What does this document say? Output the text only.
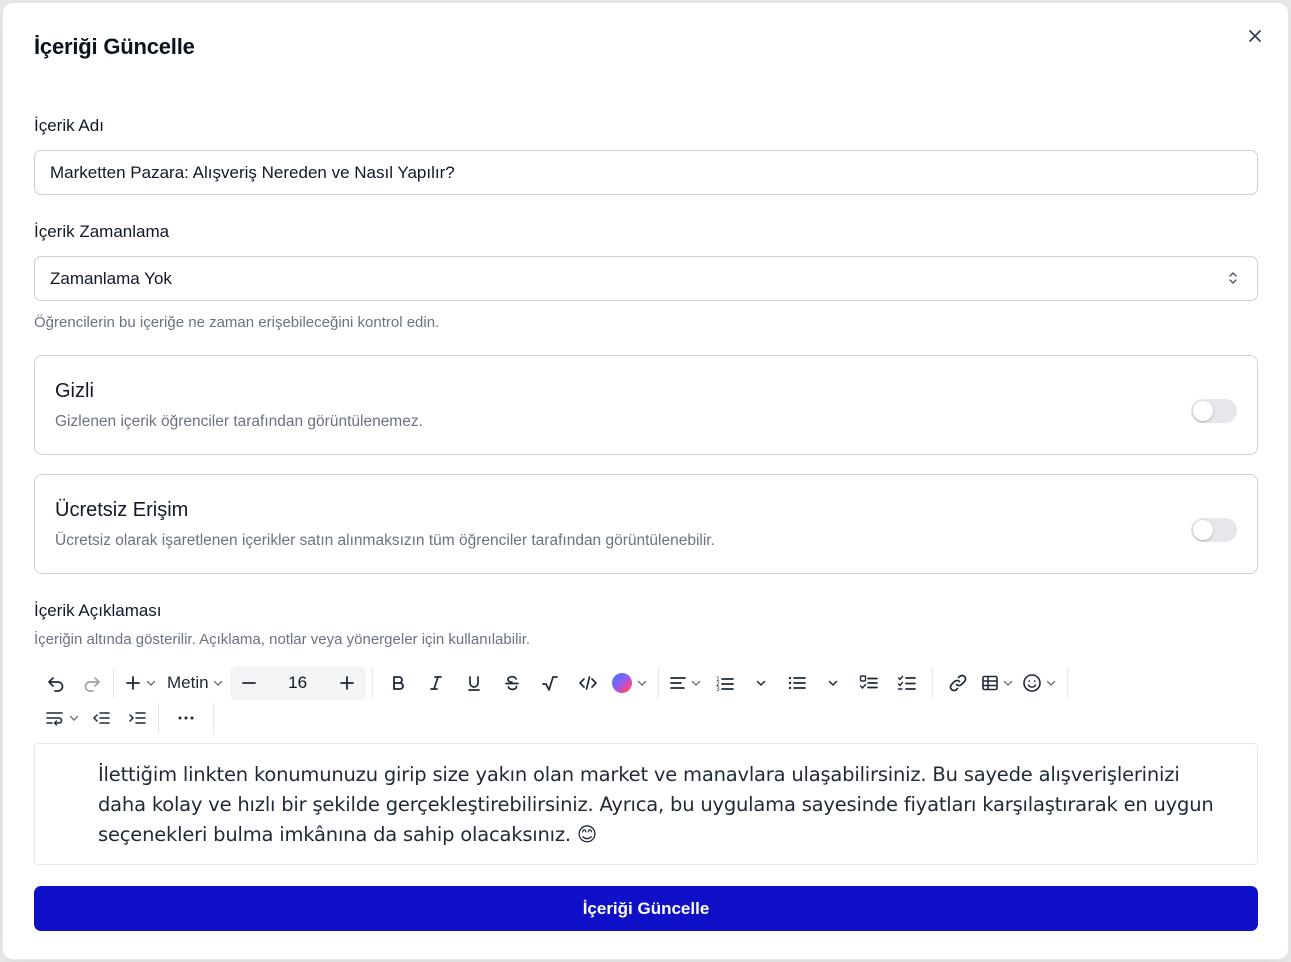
İçeriği Güncelle
İçerik Adı
Marketten Pazara: Alışveriş Nereden ve Nasıl Yapılır?
İçerik Zamanlama
Zamanlama Yok
Öğrencilerin bu içeriğe ne zaman erişebileceğini kontrol edin.
Gizli
Gizlenen içerik öğrenciler tarafından görüntülenemez.
Ücretsiz Erişim
Ücretsiz olarak işaretlenen içerikler satın alınmaksızın tüm öğrenciler tarafından görüntülenebilir.
İçerik Açıklaması
İçeriğin altında gösterilir. Açıklama, notlar veya yönergeler için kullanılabilir.
Metin	16	1
2
3
İlettiğim linkten konumunuzu girip size yakın olan market ve manavlara ulaşabilirsiniz. Bu sayede alışverişlerinizi daha kolay ve hızlı bir şekilde gerçekleştirebilirsiniz. Ayrıca, bu uygulama sayesinde fiyatları karşılaştırarak en uygun seçenekleri bulma imkânına da sahip olacaksınız. 😊
İçeriği Güncelle
